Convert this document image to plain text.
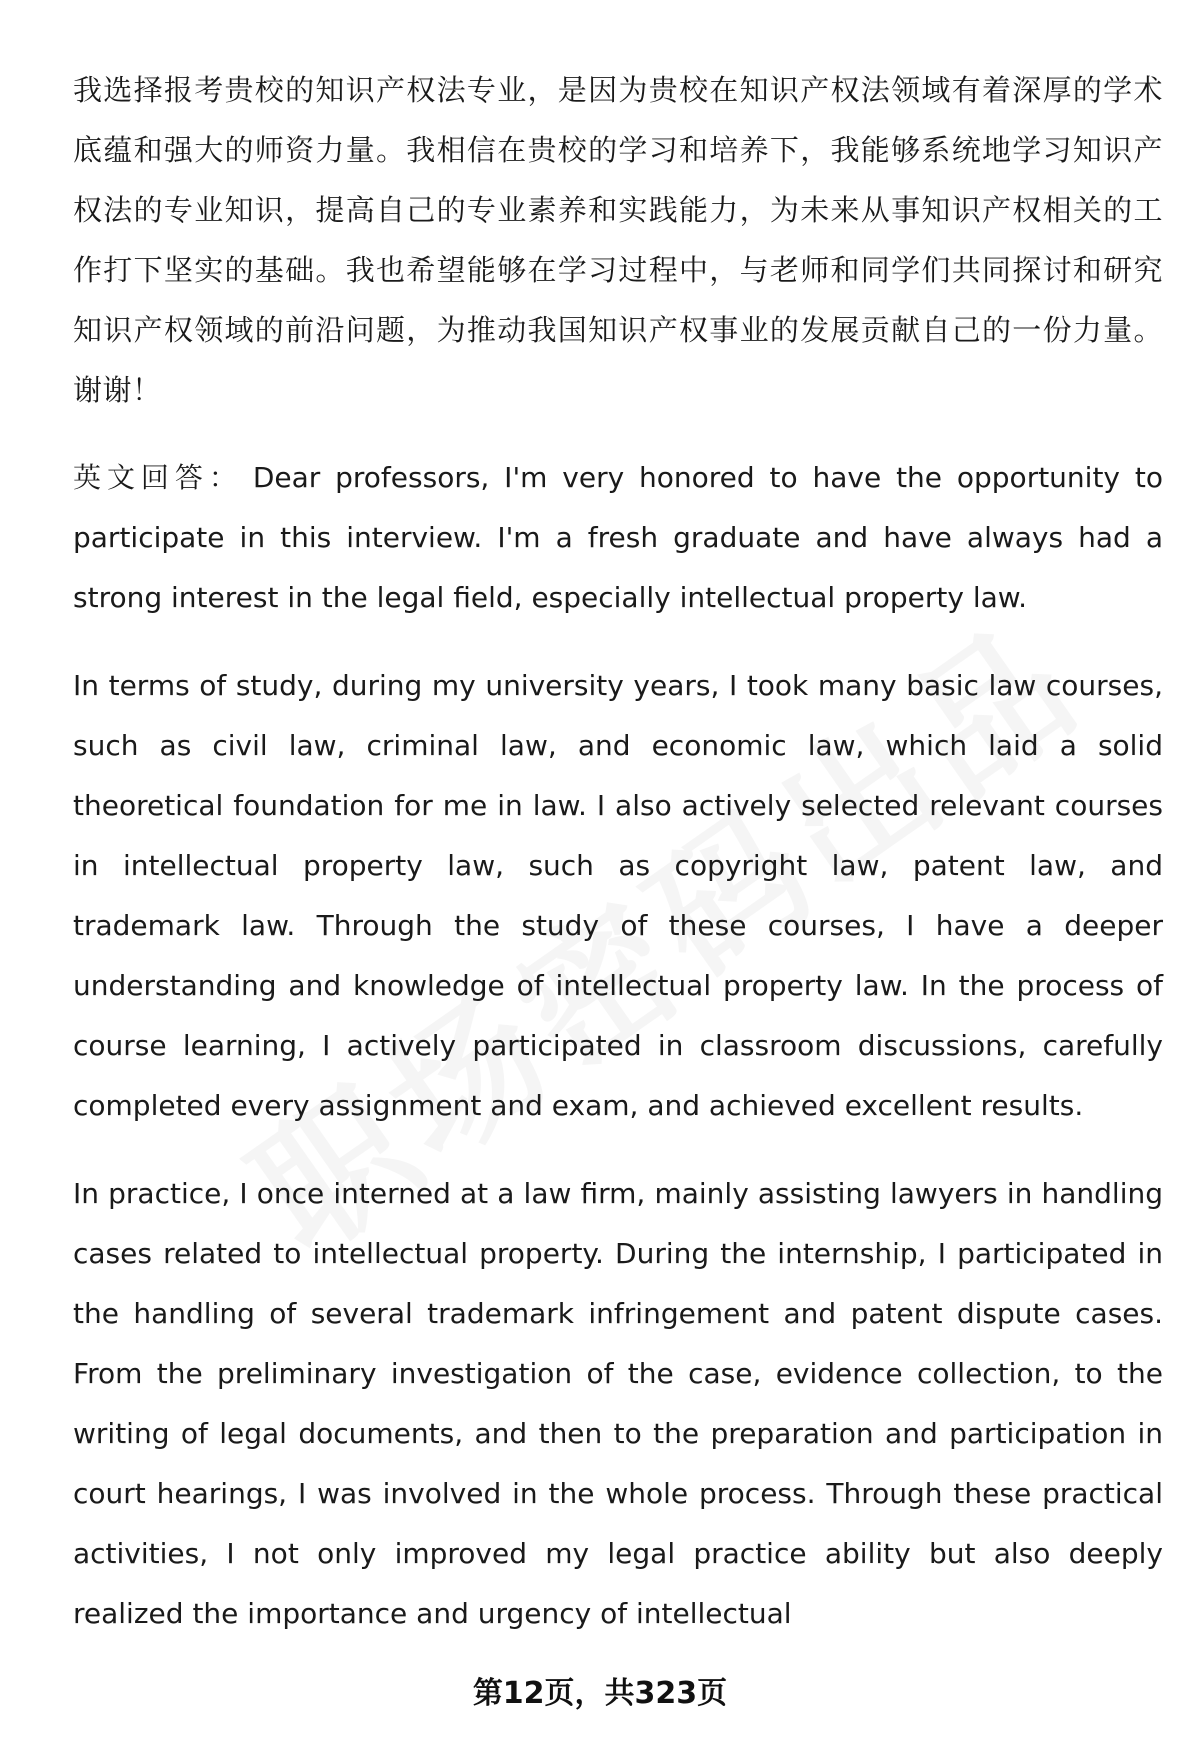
我选择报考贵校的知识产权法专业，是因为贵校在知识产权法领域有着深厚的学术底蕴和强大的师资力量。我相信在贵校的学习和培养下，我能够系统地学习知识产权法的专业知识，提高自己的专业素养和实践能力，为未来从事知识产权相关的工作打下坚实的基础。我也希望能够在学习过程中，与老师和同学们共同探讨和研究知识产权领域的前沿问题，为推动我国知识产权事业的发展贡献自己的一份力量。谢谢！

英文回答： Dear professors, I'm very honored to have the opportunity to participate in this interview. I'm a fresh graduate and have always had a strong interest in the legal field, especially intellectual property law.

In terms of study, during my university years, I took many basic law courses, such as civil law, criminal law, and economic law, which laid a solid theoretical foundation for me in law. I also actively selected relevant courses in intellectual property law, such as copyright law, patent law, and trademark law. Through the study of these courses, I have a deeper understanding and knowledge of intellectual property law. In the process of course learning, I actively participated in classroom discussions, carefully completed every assignment and exam, and achieved excellent results.

In practice, I once interned at a law firm, mainly assisting lawyers in handling cases related to intellectual property. During the internship, I participated in the handling of several trademark infringement and patent dispute cases. From the preliminary investigation of the case, evidence collection, to the writing of legal documents, and then to the preparation and participation in court hearings, I was involved in the whole process. Through these practical activities, I not only improved my legal practice ability but also deeply realized the importance and urgency of intellectual

第12页，共323页
